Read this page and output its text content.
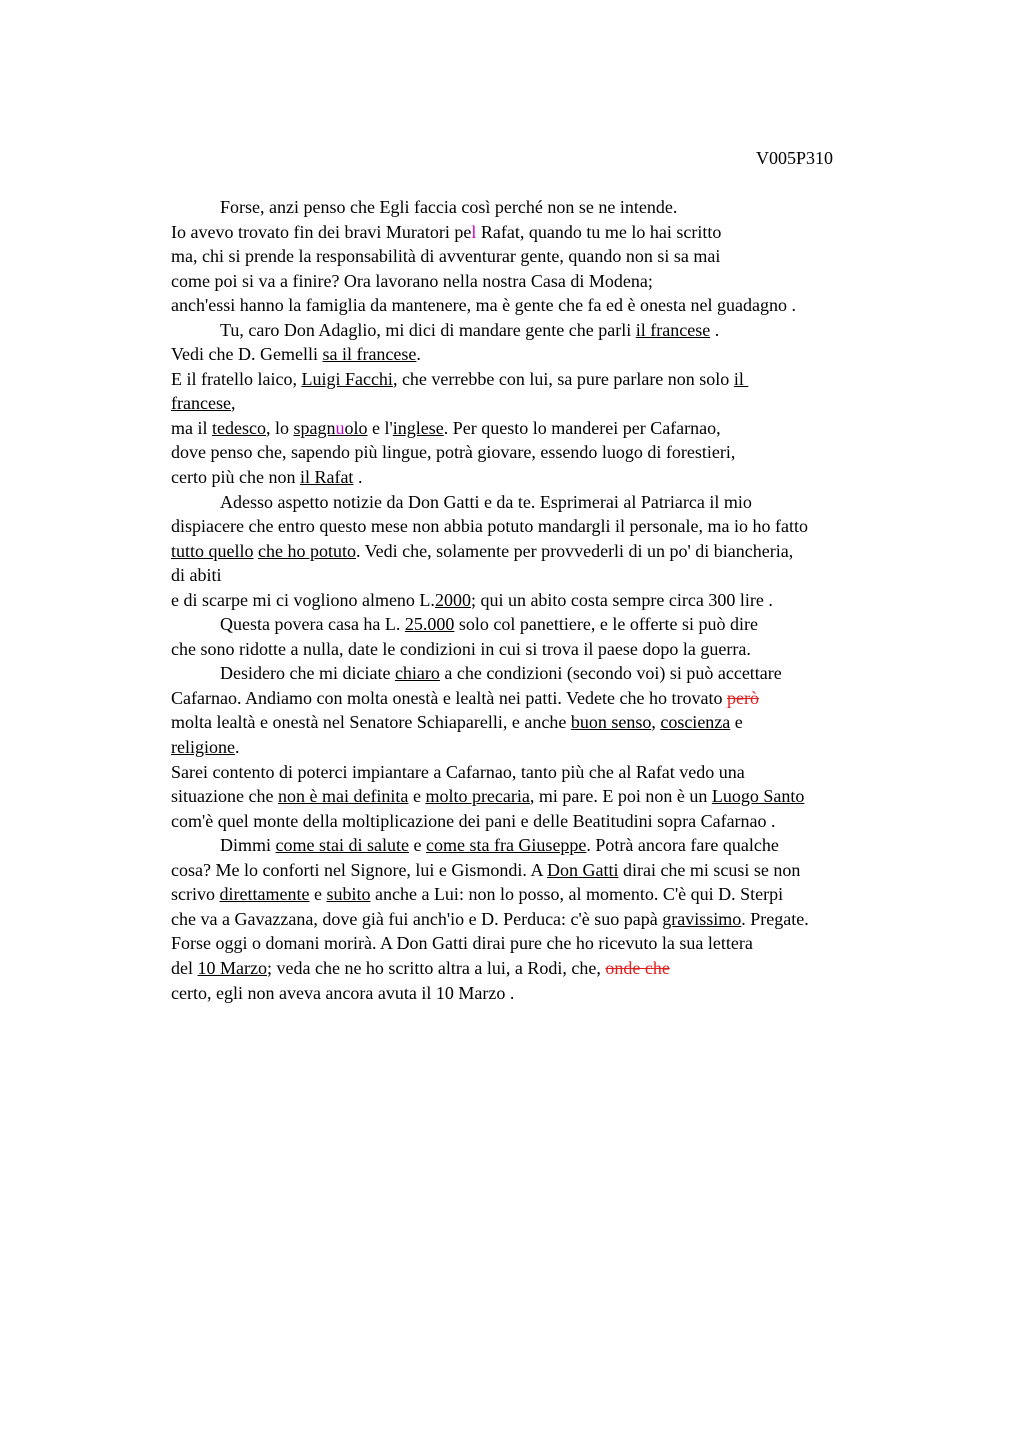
V005P310
Forse, anzi penso che Egli faccia così perché non se ne intende.
Io avevo trovato fin dei bravi Muratori pel Rafat, quando tu me lo hai scritto
ma, chi si prende la responsabilità di avventurar gente, quando non si sa mai
come poi si va a finire? Ora lavorano nella nostra Casa di Modena;
anch'essi hanno la famiglia da mantenere, ma è gente che fa ed è onesta nel guadagno .
Tu, caro Don Adaglio, mi dici di mandare gente che parli il francese .
Vedi che D. Gemelli sa il francese.
E il fratello laico, Luigi Facchi, che verrebbe con lui, sa pure parlare non solo il
francese,
ma il tedesco, lo spagnuolo e l'inglese. Per questo lo manderei per Cafarnao,
dove penso che, sapendo più lingue, potrà giovare, essendo luogo di forestieri,
certo più che non il Rafat .
Adesso aspetto notizie da Don Gatti e da te. Esprimerai al Patriarca il mio
dispiacere che entro questo mese non abbia potuto mandargli il personale, ma io ho fatto
tutto quello che ho potuto. Vedi che, solamente per provvederli di un po' di biancheria,
di abiti
e di scarpe mi ci vogliono almeno L.2000; qui un abito costa sempre circa 300 lire .
Questa povera casa ha L. 25.000 solo col panettiere, e le offerte si può dire
che sono ridotte a nulla, date le condizioni in cui si trova il paese dopo la guerra.
Desidero che mi diciate chiaro a che condizioni (secondo voi) si può accettare
Cafarnao. Andiamo con molta onestà e lealtà nei patti. Vedete che ho trovato però
molta lealtà e onestà nel Senatore Schiaparelli, e anche buon senso, coscienza e
religione.
Sarei contento di poterci impiantare a Cafarnao, tanto più che al Rafat vedo una
situazione che non è mai definita e molto precaria, mi pare. E poi non è un Luogo Santo
com'è quel monte della moltiplicazione dei pani e delle Beatitudini sopra Cafarnao .
Dimmi come stai di salute e come sta fra Giuseppe. Potrà ancora fare qualche
cosa? Me lo conforti nel Signore, lui e Gismondi. A Don Gatti dirai che mi scusi se non
scrivo direttamente e subito anche a Lui: non lo posso, al momento. C'è qui D. Sterpi
che va a Gavazzana, dove già fui anch'io e D. Perduca: c'è suo papà gravissimo. Pregate.
Forse oggi o domani morirà. A Don Gatti dirai pure che ho ricevuto la sua lettera
del 10 Marzo; veda che ne ho scritto altra a lui, a Rodi, che, onde che
certo, egli non aveva ancora avuta il 10 Marzo .
